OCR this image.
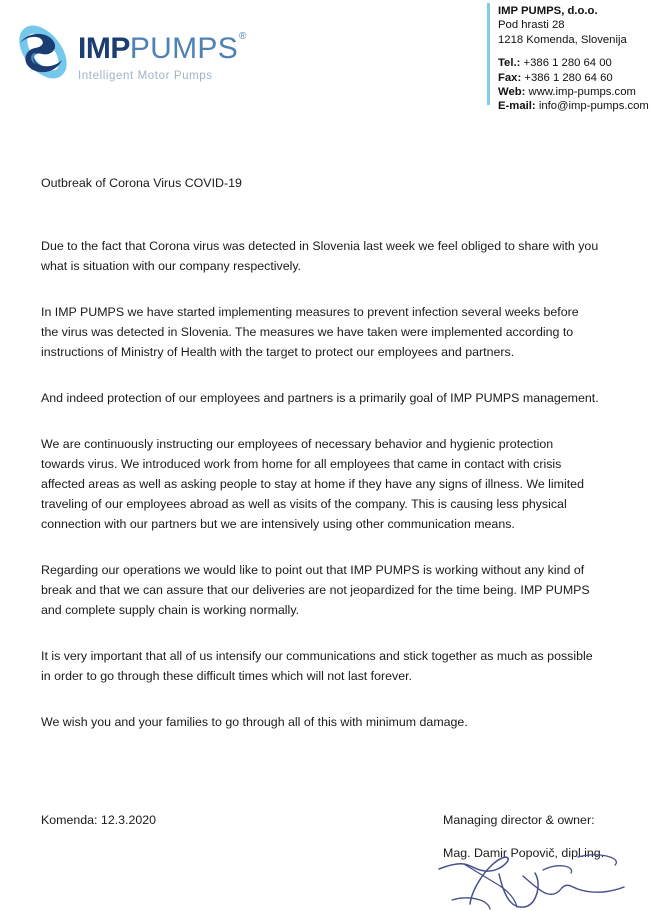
IMPPUMPS®
Intelligent Motor Pumps
IMP PUMPS, d.o.o.
Pod hrasti 28
1218 Komenda, Slovenija
Tel.: +386 1 280 64 00
Fax: +386 1 280 64 60
Web: www.imp-pumps.com
E-mail: info@imp-pumps.com

Outbreak of Corona Virus COVID-19

Due to the fact that Corona virus was detected in Slovenia last week we feel obliged to share with you what is situation with our company respectively.

In IMP PUMPS we have started implementing measures to prevent infection several weeks before the virus was detected in Slovenia. The measures we have taken were implemented according to instructions of Ministry of Health with the target to protect our employees and partners.

And indeed protection of our employees and partners is a primarily goal of IMP PUMPS management.

We are continuously instructing our employees of necessary behavior and hygienic protection towards virus. We introduced work from home for all employees that came in contact with crisis affected areas as well as asking people to stay at home if they have any signs of illness. We limited traveling of our employees abroad as well as visits of the company. This is causing less physical connection with our partners but we are intensively using other communication means.

Regarding our operations we would like to point out that IMP PUMPS is working without any kind of break and that we can assure that our deliveries are not jeopardized for the time being. IMP PUMPS and complete supply chain is working normally.

It is very important that all of us intensify our communications and stick together as much as possible in order to go through these difficult times which will not last forever.

We wish you and your families to go through all of this with minimum damage.

Komenda: 12.3.2020	Managing director & owner:

Mag. Damir Popovič, dipl.ing.
